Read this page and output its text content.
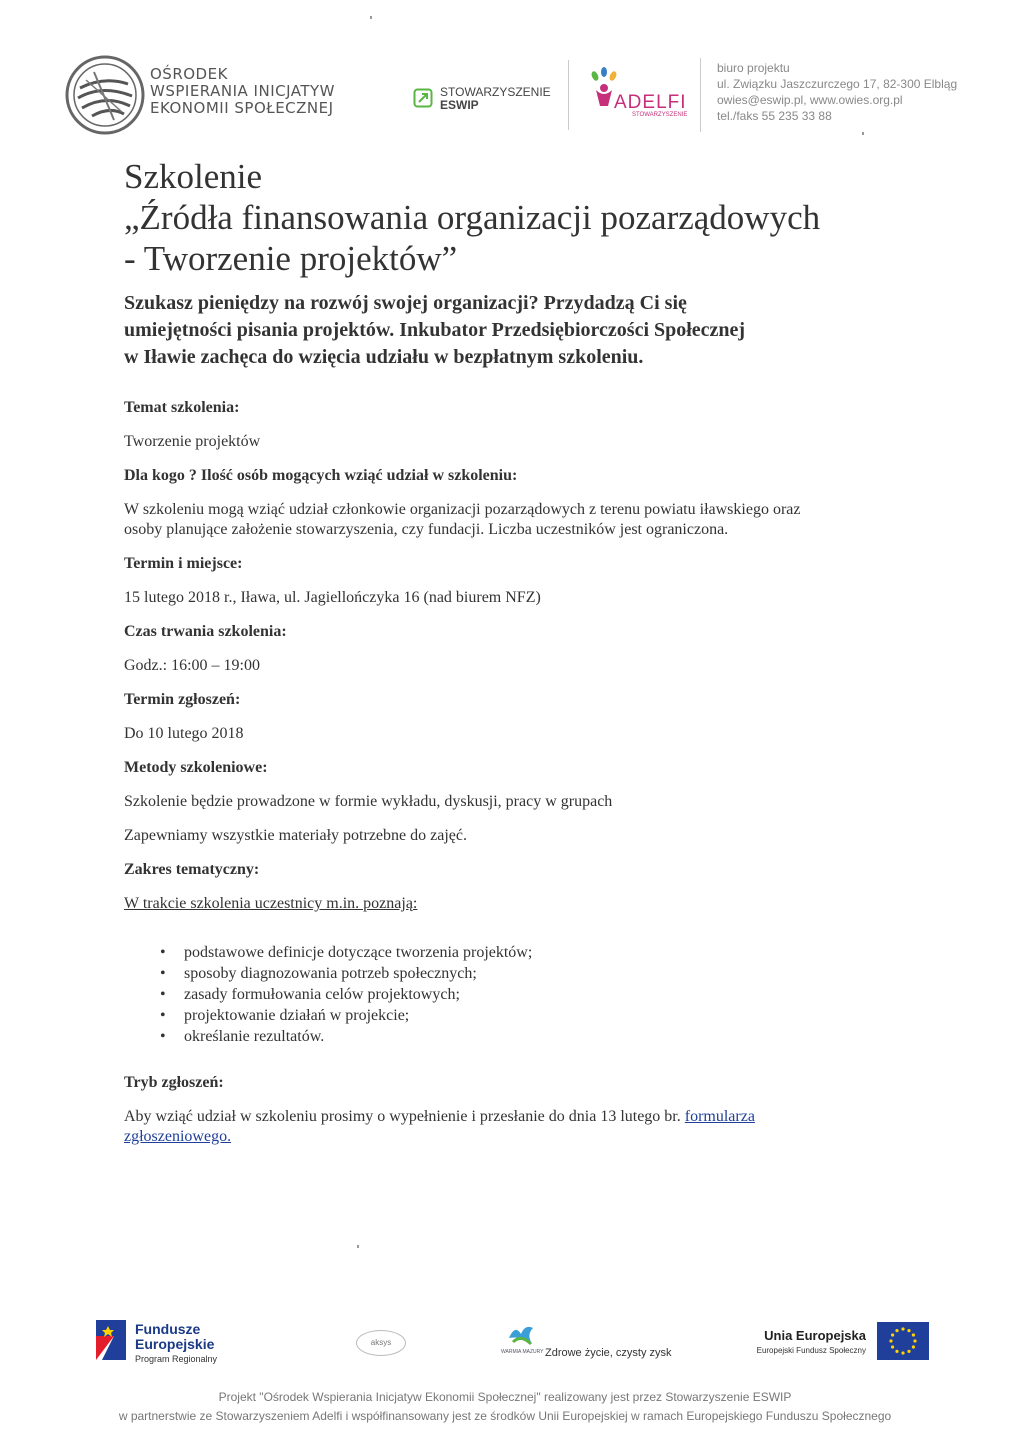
OŚRODEK
WSPIERANIA INICJATYW
EKONOMII SPOŁECZNEJ
STOWARZYSZENIE
ESWIP	ADELFI
STOWARZYSZENIE
biuro projektu
ul. Związku Jaszczurczego 17, 82-300 Elbląg
owies@eswip.pl, www.owies.org.pl
tel./faks 55 235 33 88
Szkolenie
„Źródła finansowania organizacji pozarządowych
- Tworzenie projektów”
Szukasz pieniędzy na rozwój swojej organizacji? Przydadzą Ci się
umiejętności pisania projektów. Inkubator Przedsiębiorczości Społecznej
w Iławie zachęca do wzięcia udziału w bezpłatnym szkoleniu.

Temat szkolenia:

Tworzenie projektów

Dla kogo ? Ilość osób mogących wziąć udział w szkoleniu:

W szkoleniu mogą wziąć udział członkowie organizacji pozarządowych z terenu powiatu iławskiego oraz

osoby planujące założenie stowarzyszenia, czy fundacji. Liczba uczestników jest ograniczona.

Termin i miejsce:

15 lutego 2018 r., Iława, ul. Jagiellończyka 16 (nad biurem NFZ)

Czas trwania szkolenia:

Godz.: 16:00 – 19:00

Termin zgłoszeń:

Do 10 lutego 2018

Metody szkoleniowe:

Szkolenie będzie prowadzone w formie wykładu, dyskusji, pracy w grupach

Zapewniamy wszystkie materiały potrzebne do zajęć.

Zakres tematyczny:

W trakcie szkolenia uczestnicy m.in. poznają:

• podstawowe definicje dotyczące tworzenia projektów;
• sposoby diagnozowania potrzeb społecznych;
• zasady formułowania celów projektowych;
• projektowanie działań w projekcie;
• określanie rezultatów.

Tryb zgłoszeń:

Aby wziąć udział w szkoleniu prosimy o wypełnienie i przesłanie do dnia 13 lutego br. formularza
zgłoszeniowego.

Fundusze
Europejskie
Program Regionalny
aksys
WARMIA MAZURY Zdrowe życie, czysty zysk
Unia Europejska
Europejski Fundusz Społeczny
Projekt "Ośrodek Wspierania Inicjatyw Ekonomii Społecznej" realizowany jest przez Stowarzyszenie ESWIP
w partnerstwie ze Stowarzyszeniem Adelfi i współfinansowany jest ze środków Unii Europejskiej w ramach Europejskiego Funduszu Społecznego
